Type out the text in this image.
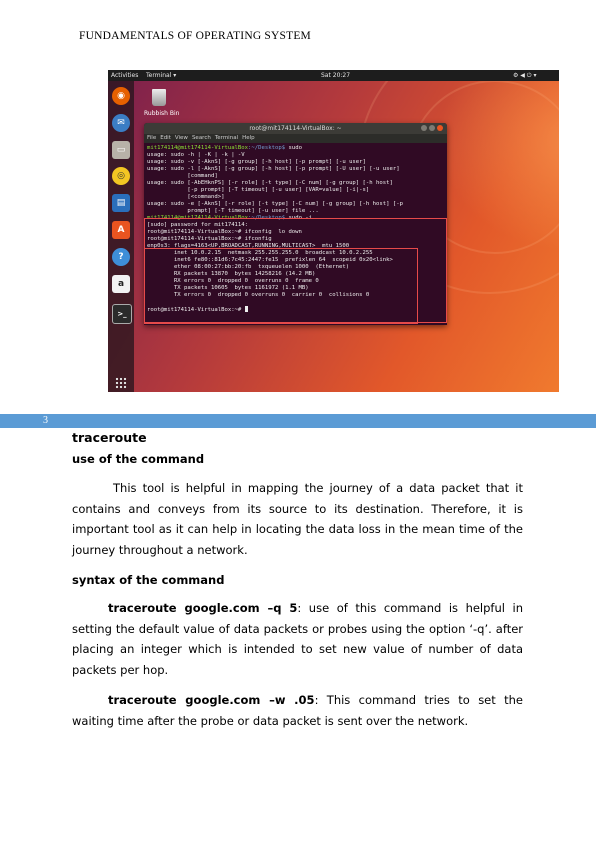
FUNDAMENTALS OF OPERATING SYSTEM
Activities Terminal ▾	Sat 20:27	⚙ ◀ ⏻ ▾
◉
✉
▭
◎
▤
A
?
a
>_
Rubbish Bin
root@mit174114-VirtualBox: ~
File Edit View Search Terminal Help
mit174114@mit174114-VirtualBox:~/Desktop$ sudo
usage: sudo -h | -K | -k | -V
usage: sudo -v [-AknS] [-g group] [-h host] [-p prompt] [-u user]
usage: sudo -l [-AknS] [-g group] [-h host] [-p prompt] [-U user] [-u user]
[command]
usage: sudo [-AbEHknPS] [-r role] [-t type] [-C num] [-g group] [-h host]
[-p prompt] [-T timeout] [-u user] [VAR=value] [-i|-s]
[<command>]
usage: sudo -e [-AknS] [-r role] [-t type] [-C num] [-g group] [-h host] [-p
prompt] [-T timeout] [-u user] file ...
mit174114@mit174114-VirtualBox:~/Desktop$ sudo -i
[sudo] password for mit174114:
root@mit174114-VirtualBox:~# ifconfig  lo down
root@mit174114-VirtualBox:~# ifconfig
enp0s3: flags=4163<UP,BROADCAST,RUNNING,MULTICAST>  mtu 1500
inet 10.0.2.15  netmask 255.255.255.0  broadcast 10.0.2.255
inet6 fe80::81d6:7c45:2447:fe15  prefixlen 64  scopeid 0x20<link>
ether 08:00:27:bb:20:fb  txqueuelen 1000  (Ethernet)
RX packets 13870  bytes 14258216 (14.2 MB)
RX errors 0  dropped 0  overruns 0  frame 0
TX packets 10605  bytes 1161972 (1.1 MB)
TX errors 0  dropped 0 overruns 0  carrier 0  collisions 0

root@mit174114-VirtualBox:~#
3
traceroute
use of the command
This tool is helpful in mapping the journey of a data packet that it contains and conveys from its source to its destination. Therefore, it is important tool as it can help in locating the data loss in the mean time of the journey throughout a network.
syntax of the command
traceroute google.com –q 5: use of this command is helpful in setting the default value of data packets or probes using the option ‘-q’. after placing an integer which is intended to set new value of number of data packets per hop.
traceroute google.com –w .05: This command tries to set the waiting time after the probe or data packet is sent over the network.
